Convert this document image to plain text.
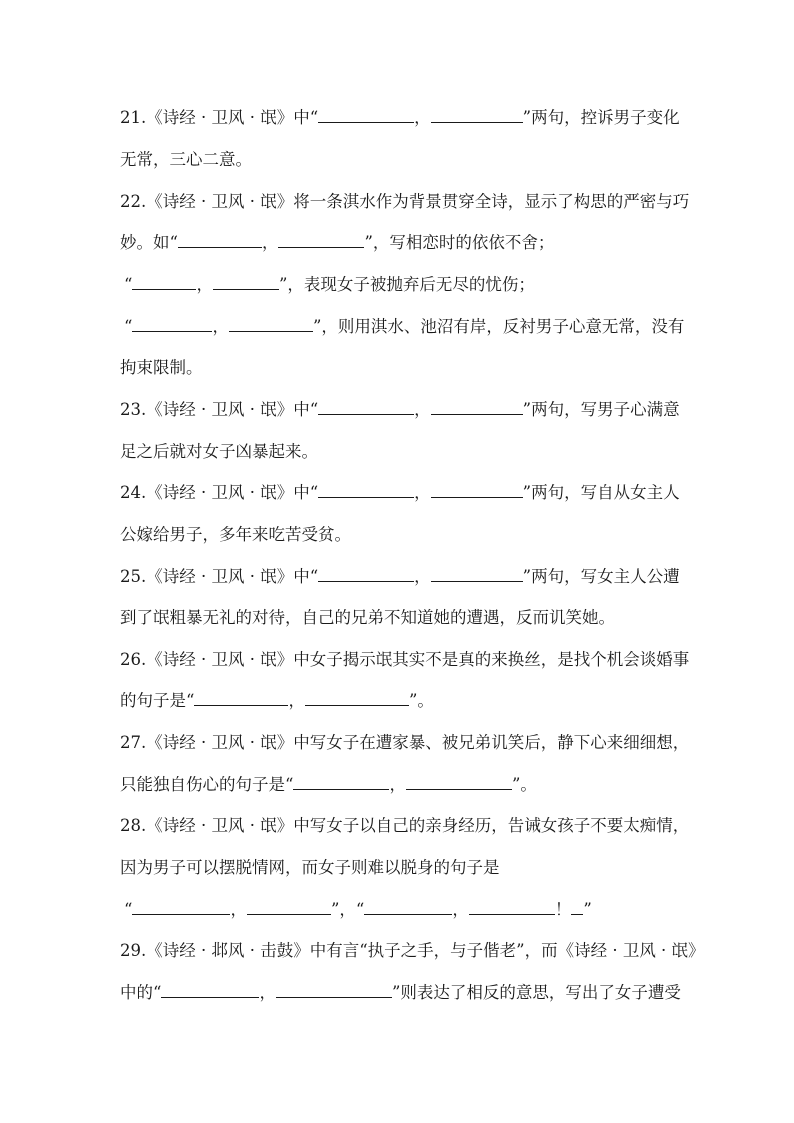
21.《诗经 · 卫风 · 氓》中“	，	”两句，控诉男子变化
无常，三心二意。
22.《诗经 · 卫风 · 氓》将一条淇水作为背景贯穿全诗，显示了构思的严密与巧
妙。如“	，	”，写相恋时的依依不舍；
“	，	”，表现女子被抛弃后无尽的忧伤；
“	，	”，则用淇水、池沼有岸，反衬男子心意无常，没有
拘束限制。
23.《诗经 · 卫风 · 氓》中“	，	”两句，写男子心满意
足之后就对女子凶暴起来。
24.《诗经 · 卫风 · 氓》中“	，	”两句，写自从女主人
公嫁给男子，多年来吃苦受贫。
25.《诗经 · 卫风 · 氓》中“	，	”两句，写女主人公遭
到了氓粗暴无礼的对待，自己的兄弟不知道她的遭遇，反而讥笑她。
26.《诗经 · 卫风 · 氓》中女子揭示氓其实不是真的来换丝，是找个机会谈婚事
的句子是“	，	”。
27.《诗经 · 卫风 · 氓》中写女子在遭家暴、被兄弟讥笑后，静下心来细细想，
只能独自伤心的句子是“	，	”。
28.《诗经 · 卫风 · 氓》中写女子以自己的亲身经历，告诫女孩子不要太痴情，
因为男子可以摆脱情网，而女子则难以脱身的句子是
“	，	”，“	，	！ ”
29.《诗经 · 邶风 · 击鼓》中有言“执子之手，与子偕老”，而《诗经 · 卫风 · 氓》
中的“	，	”则表达了相反的意思，写出了女子遭受
